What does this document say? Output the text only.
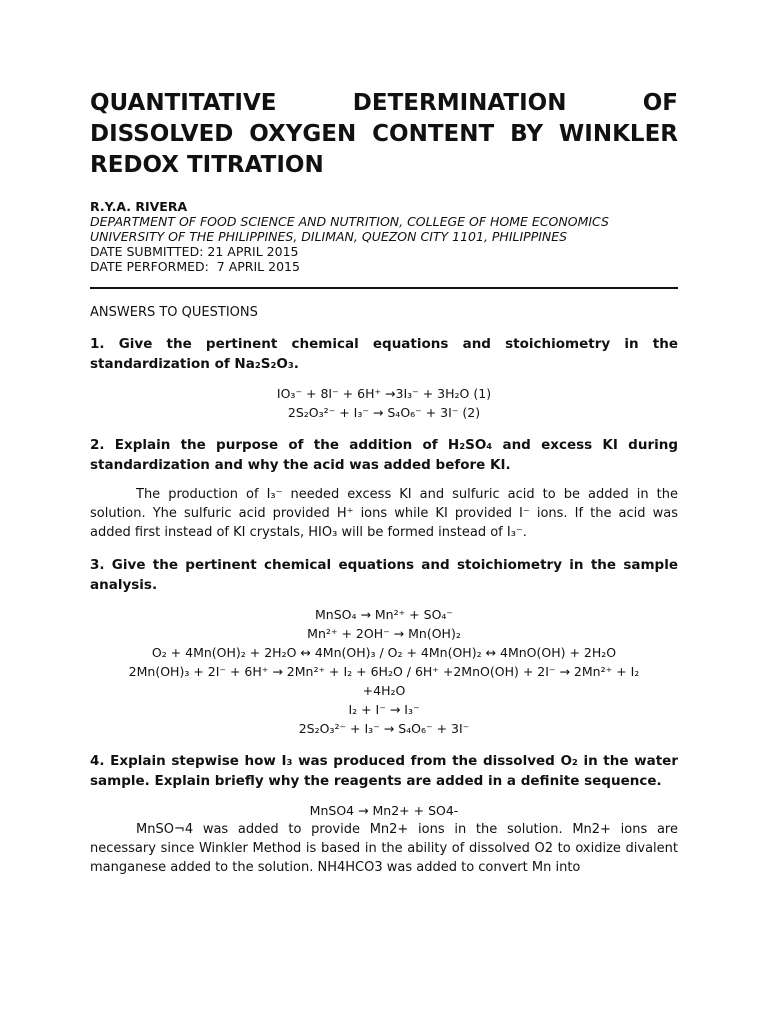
QUANTITATIVE DETERMINATION OF
DISSOLVED OXYGEN CONTENT BY WINKLER
REDOX TITRATION
R.Y.A. RIVERA
DEPARTMENT OF FOOD SCIENCE AND NUTRITION, COLLEGE OF HOME ECONOMICS
UNIVERSITY OF THE PHILIPPINES, DILIMAN, QUEZON CITY 1101, PHILIPPINES
DATE SUBMITTED: 21 APRIL 2015
DATE PERFORMED:  7 APRIL 2015
ANSWERS TO QUESTIONS
1. Give the pertinent chemical equations and stoichiometry in the standardization of Na₂S₂O₃.
IO₃⁻ + 8I⁻ + 6H⁺ →3I₃⁻ + 3H₂O (1)
2S₂O₃²⁻ + I₃⁻ → S₄O₆⁻ + 3I⁻ (2)
2. Explain the purpose of the addition of H₂SO₄ and excess KI during standardization and why the acid was added before KI.
The production of I₃⁻ needed excess KI and sulfuric acid to be added in the solution. Yhe sulfuric acid provided H⁺ ions while KI provided I⁻ ions. If the acid was added first instead of KI crystals, HIO₃ will be formed instead of I₃⁻.
3. Give the pertinent chemical equations and stoichiometry in the sample analysis.
MnSO₄ → Mn²⁺ + SO₄⁻
Mn²⁺ + 2OH⁻ → Mn(OH)₂
O₂ + 4Mn(OH)₂ + 2H₂O ↔ 4Mn(OH)₃ / O₂ + 4Mn(OH)₂ ↔ 4MnO(OH) + 2H₂O
2Mn(OH)₃ + 2I⁻ + 6H⁺ → 2Mn²⁺ + I₂ + 6H₂O / 6H⁺ +2MnO(OH) + 2I⁻ → 2Mn²⁺ + I₂
+4H₂O
I₂ + I⁻ → I₃⁻
2S₂O₃²⁻ + I₃⁻ → S₄O₆⁻ + 3I⁻
4. Explain stepwise how I₃ was produced from the dissolved O₂ in the water sample. Explain briefly why the reagents are added in a definite sequence.
MnSO4 → Mn2+ + SO4-
MnSO¬4 was added to provide Mn2+ ions in the solution. Mn2+ ions are necessary since Winkler Method is based in the ability of dissolved O2 to oxidize divalent manganese added to the solution. NH4HCO3 was added to convert Mn into
